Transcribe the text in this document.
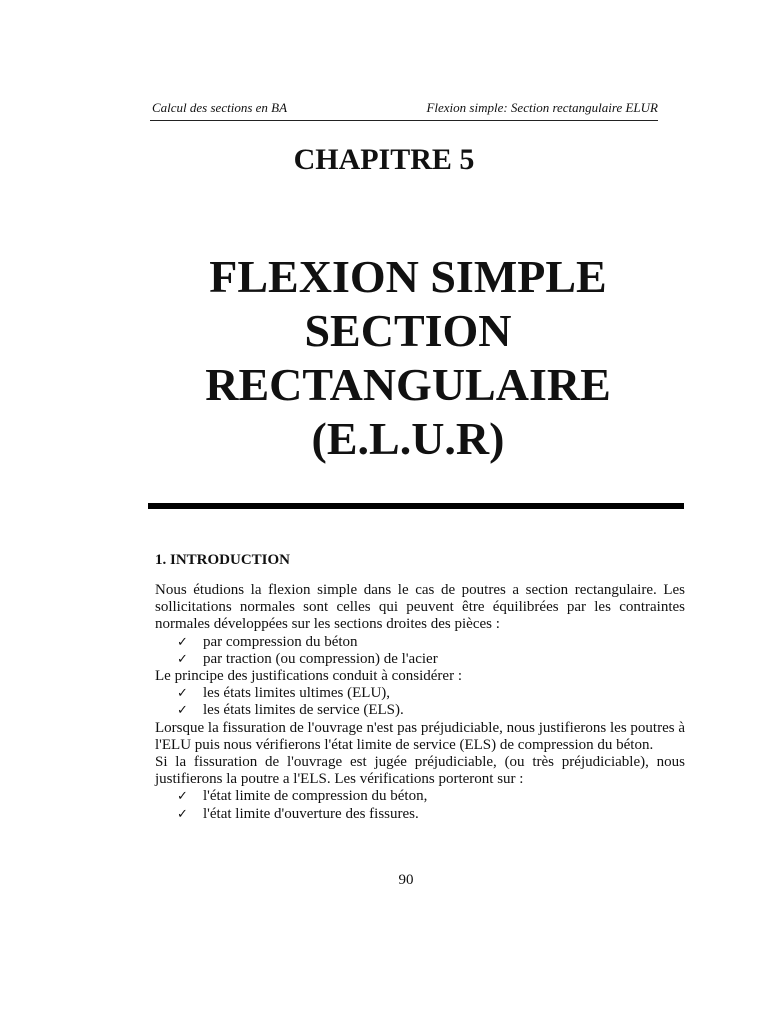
Calcul des sections en BA	Flexion simple: Section rectangulaire ELUR
CHAPITRE 5
FLEXION SIMPLE
SECTION
RECTANGULAIRE
(E.L.U.R)
1. INTRODUCTION

Nous étudions la flexion simple dans le cas de poutres a section rectangulaire. Les sollicitations normales sont celles qui peuvent être équilibrées par les contraintes normales développées sur les sections droites des pièces :

✓ par compression du béton
✓ par traction (ou compression) de l'acier

Le principe des justifications conduit à considérer :

✓ les états limites ultimes (ELU),
✓ les états limites de service (ELS).

Lorsque la fissuration de l'ouvrage n'est pas préjudiciable, nous justifierons les poutres à l'ELU puis nous vérifierons l'état limite de service (ELS) de compression du béton.

Si la fissuration de l'ouvrage est jugée préjudiciable, (ou très préjudiciable), nous justifierons la poutre a l'ELS. Les vérifications porteront sur :

✓ l'état limite de compression du béton,
✓ l'état limite d'ouverture des fissures.
90
